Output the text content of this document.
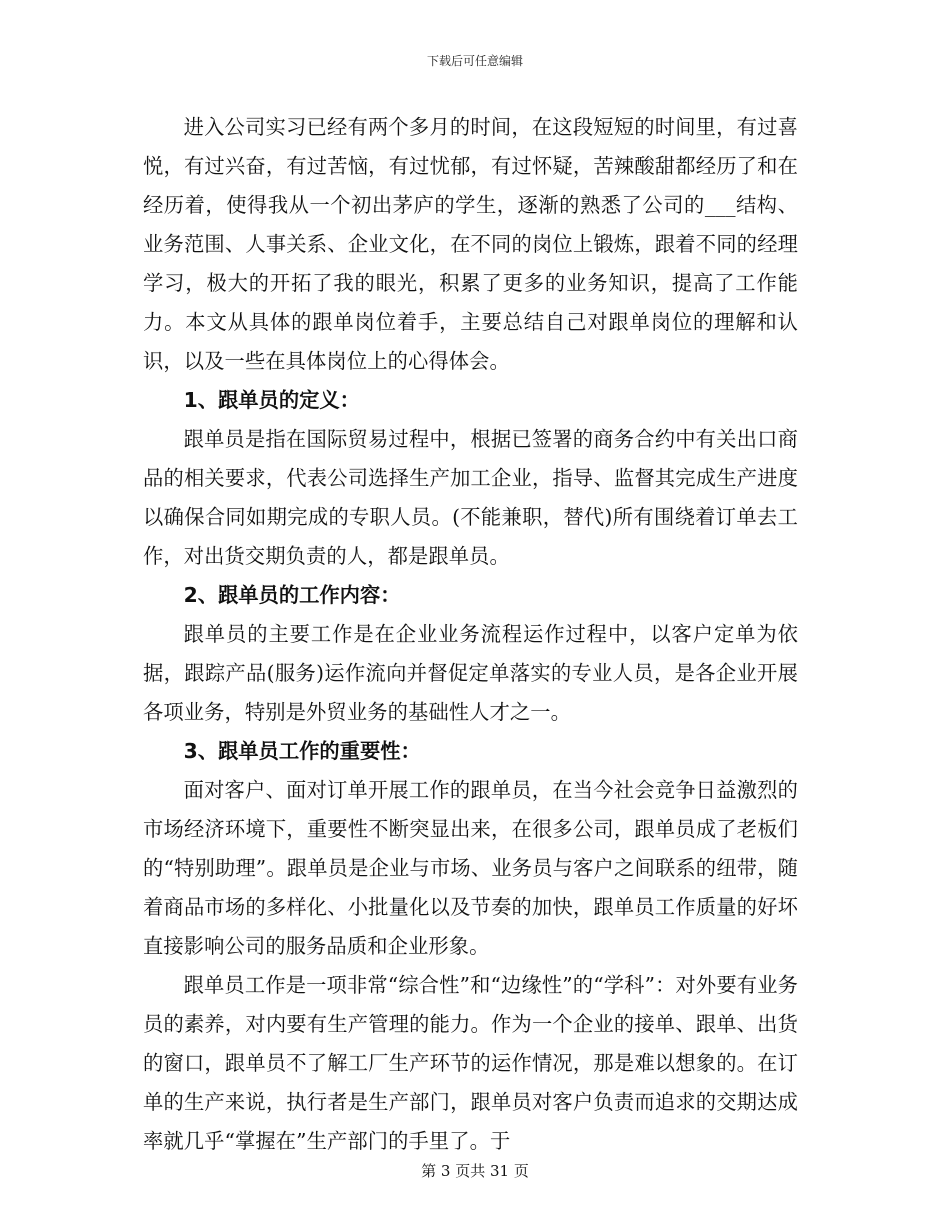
下载后可任意编辑

进入公司实习已经有两个多月的时间，在这段短短的时间里，有过喜悦，有过兴奋，有过苦恼，有过忧郁，有过怀疑，苦辣酸甜都经历了和在经历着，使得我从一个初出茅庐的学生，逐渐的熟悉了公司的___结构、业务范围、人事关系、企业文化，在不同的岗位上锻炼，跟着不同的经理学习，极大的开拓了我的眼光，积累了更多的业务知识，提高了工作能力。本文从具体的跟单岗位着手，主要总结自己对跟单岗位的理解和认识，以及一些在具体岗位上的心得体会。

1、跟单员的定义：

跟单员是指在国际贸易过程中，根据已签署的商务合约中有关出口商品的相关要求，代表公司选择生产加工企业，指导、监督其完成生产进度以确保合同如期完成的专职人员。(不能兼职，替代)所有围绕着订单去工作，对出货交期负责的人，都是跟单员。

2、跟单员的工作内容：

跟单员的主要工作是在企业业务流程运作过程中，以客户定单为依据，跟踪产品(服务)运作流向并督促定单落实的专业人员，是各企业开展各项业务，特别是外贸业务的基础性人才之一。

3、跟单员工作的重要性：

面对客户、面对订单开展工作的跟单员，在当今社会竞争日益激烈的市场经济环境下，重要性不断突显出来，在很多公司，跟单员成了老板们的“特别助理”。跟单员是企业与市场、业务员与客户之间联系的纽带，随着商品市场的多样化、小批量化以及节奏的加快，跟单员工作质量的好坏直接影响公司的服务品质和企业形象。

跟单员工作是一项非常“综合性”和“边缘性”的“学科”：对外要有业务员的素养，对内要有生产管理的能力。作为一个企业的接单、跟单、出货的窗口，跟单员不了解工厂生产环节的运作情况，那是难以想象的。在订单的生产来说，执行者是生产部门，跟单员对客户负责而追求的交期达成率就几乎“掌握在”生产部门的手里了。于

第 3 页共 31 页
